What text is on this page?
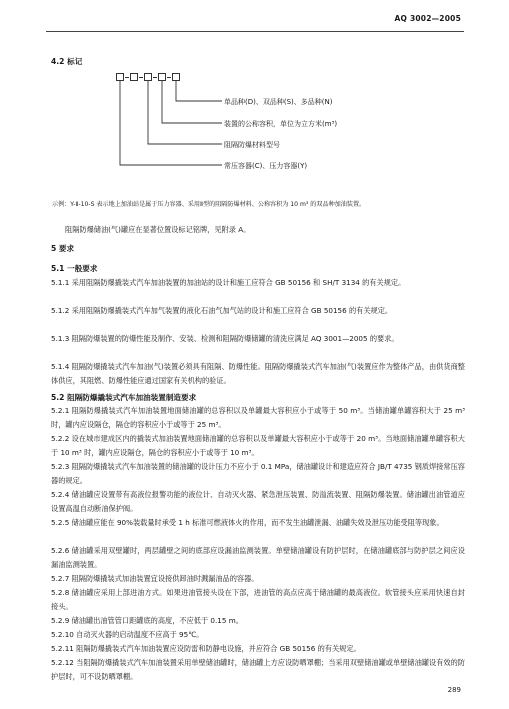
AQ 3002—2005
4.2 标记
单品种(D)、双品种(S)、多品种(N)
装置的公称容积，单位为立方米(m³)
阻隔防爆材料型号
常压容器(C)、压力容器(Y)
示例：Y-Ⅱ-10-S 表示地上加油站是属于压力容器、采用Ⅱ型的阻隔防爆材料、公称容积为 10 m³ 的双品种加油装置。
阻隔防爆储油(气)罐应在显著位置设标记铭牌，见附录 A。
5 要求
5.1 一般要求
5.1.1 采用阻隔防爆撬装式汽车加油装置的加油站的设计和施工应符合 GB 50156 和 SH/T 3134 的有关规定。
5.1.2 采用阻隔防爆撬装式汽车加气装置的液化石油气加气站的设计和施工应符合 GB 50156 的有关规定。
5.1.3 阻隔防爆装置的防爆性能及制作、安装、检测和阻隔防爆储罐的清洗应满足 AQ 3001—2005 的要求。
5.1.4 阻隔防爆撬装式汽车加油(气)装置必须具有阻隔、防爆性能。阻隔防爆撬装式汽车加油(气)装置应作为整体产品，由供货商整体供应，其阻燃、防爆性能应通过国家有关机构的验证。
5.2 阻隔防爆撬装式汽车加油装置制造要求
5.2.1 阻隔防爆撬装式汽车加油装置地面储油罐的总容积以及单罐最大容积应小于或等于 50 m³。当储油罐单罐容积大于 25 m³ 时，罐内应设隔仓，隔仓的容积应小于或等于 25 m³。
5.2.2 设在城市建成区内的撬装式加油装置地面储油罐的总容积以及单罐最大容积应小于或等于 20 m³。当地面储油罐单罐容积大于 10 m³ 时，罐内应设隔仓，隔仓的容积应小于或等于 10 m³。
5.2.3 阻隔防爆撬装式汽车加油装置的储油罐的设计压力不应小于 0.1 MPa，储油罐设计和建造应符合 JB/T 4735 钢质焊接常压容器的规定。
5.2.4 储油罐应设置带有高液位报警功能的液位计、自动灭火器、紧急泄压装置、防溢流装置、阻隔防爆装置。储油罐出油管道应设置高温自动断油保护阀。
5.2.5 储油罐应能在 90%装载量时承受 1 h 标准可燃液体火的作用，而不发生油罐泄漏、油罐失效及泄压功能受阻等现象。
5.2.6 储油罐采用双壁罐时，两层罐壁之间的底部应设漏油监测装置。单壁储油罐设有防护层时，在储油罐底部与防护层之间应设漏油监测装置。
5.2.7 阻隔防爆撬装式加油装置宜设接供卸油时溅漏油品的容器。
5.2.8 储油罐应采用上部进油方式。如果进油管接头设在下部，进油管的高点应高于储油罐的最高液位。软管接头应采用快速自封接头。
5.2.9 储油罐出油管管口距罐底的高度，不应低于 0.15 m。
5.2.10 自动灭火器的启动温度不应高于 95℃。
5.2.11 阻隔防爆撬装式汽车加油装置应设防雷和防静电设施，并应符合 GB 50156 的有关规定。
5.2.12 当阻隔防爆撬装式汽车加油装置采用单壁储油罐时，储油罐上方应设防晒罩棚；当采用双壁储油罐或单壁储油罐设有效的防护层时，可不设防晒罩棚。
289
